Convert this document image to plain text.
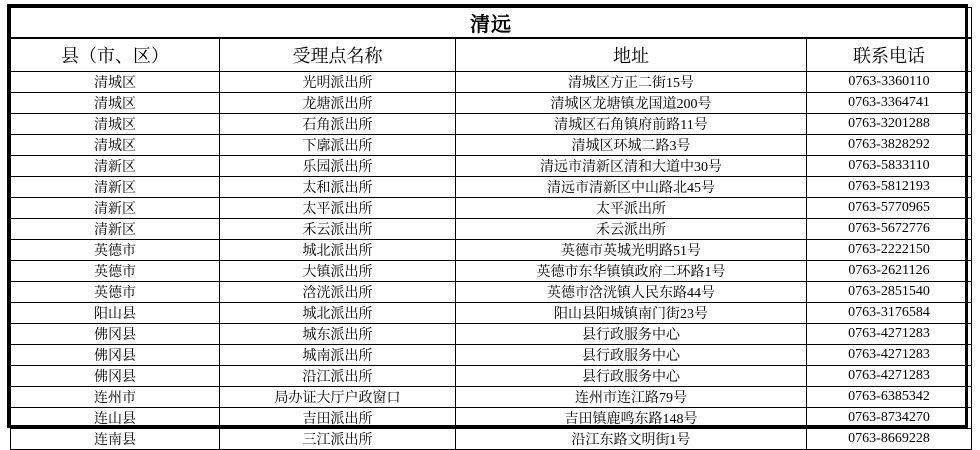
清远			
县（市、区）	受理点名称	地址	联系电话
清城区	光明派出所	清城区方正二街15号	0763-3360110
清城区	龙塘派出所	清城区龙塘镇龙国道200号	0763-3364741
清城区	石角派出所	清城区石角镇府前路11号	0763-3201288
清城区	下廓派出所	清城区环城二路3号	0763-3828292
清新区	乐园派出所	清远市清新区清和大道中30号	0763-5833110
清新区	太和派出所	清远市清新区中山路北45号	0763-5812193
清新区	太平派出所	太平派出所	0763-5770965
清新区	禾云派出所	禾云派出所	0763-5672776
英德市	城北派出所	英德市英城光明路51号	0763-2222150
英德市	大镇派出所	英德市东华镇镇政府二环路1号	0763-2621126
英德市	浛洸派出所	英德市浛洸镇人民东路44号	0763-2851540
阳山县	城北派出所	阳山县阳城镇南门街23号	0763-3176584
佛冈县	城东派出所	县行政服务中心	0763-4271283
佛冈县	城南派出所	县行政服务中心	0763-4271283
佛冈县	沿江派出所	县行政服务中心	0763-4271283
连州市	局办证大厅户政窗口	连州市连江路79号	0763-6385342
连山县	吉田派出所	吉田镇鹿鸣东路148号	0763-8734270
连南县	三江派出所	沿江东路文明街1号	0763-8669228
